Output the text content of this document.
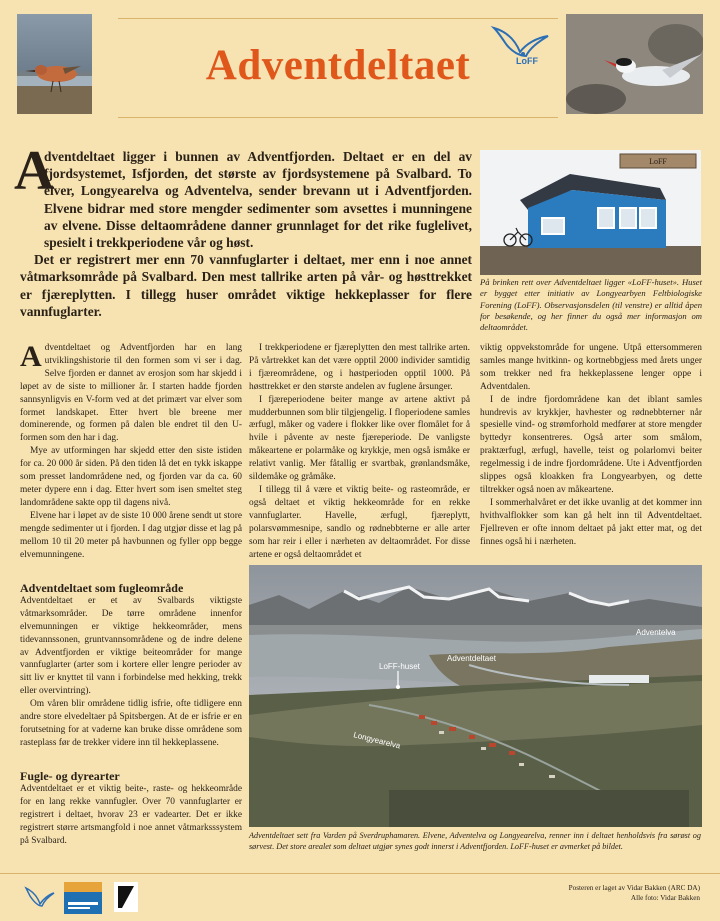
Adventdeltaet	LoFF
A

dventdeltaet ligger i bunnen av Adventfjorden. Deltaet er en del av fjordsystemet, Isfjorden, det største av fjordsystemene på Svalbard. To elver, Longyearelva og Adventelva, sender brevann ut i Adventfjorden. Elvene bidrar med store mengder sedimenter som avsettes i munningene av elvene. Disse deltaområdene danner grunnlaget for det rike fuglelivet, spesielt i trekkperiodene vår og høst.

Det er registrert mer enn 70 vannfuglarter i deltaet, mer enn i noe annet våtmarksområde på Svalbard. Den mest tallrike arten på vår- og høsttrekket er fjæreplytten. I tillegg huser området viktige hekkeplasser for flere vannfuglarter.

LoFF
På brinken rett over Adventdeltaet ligger «LoFF-huset». Huset er bygget etter initiativ av Longyearbyen Feltbiologiske Forening (LoFF). Observasjonsdelen (til venstre) er alltid åpen for besøkende, og her finner du også mer informasjon om deltaområdet.

Adventdeltaet og Adventfjorden har en lang utviklingshistorie til den formen som vi ser i dag. Selve fjorden er dannet av erosjon som har skjedd i løpet av de siste to millioner år. I starten hadde fjorden sannsynligvis en V-form ved at det primært var elver som formet landskapet. Etter hvert ble breene mer dominerende, og formen på dalen ble endret til den U-formen som den har i dag.

Mye av utformingen har skjedd etter den siste istiden for ca. 20 000 år siden. På den tiden lå det en tykk iskappe som presset landområdene ned, og fjorden var da ca. 60 meter dypere enn i dag. Etter hvert som isen smeltet steg landområdene sakte opp til dagens nivå.

Elvene har i løpet av de siste 10 000 årene sendt ut store mengde sedimenter ut i fjorden. I dag utgjør disse et lag på mellom 10 til 20 meter på havbunnen og fyller opp begge elvemunningene.

I trekkperiodene er fjæreplytten den mest tallrike arten. På vårtrekket kan det være opptil 2000 individer samtidig i fjæreområdene, og i høstperioden opptil 1000. På høsttrekket er den største andelen av fuglene årsunger.

I fjæreperiodene beiter mange av artene aktivt på mudderbunnen som blir tilgjengelig. I floperiodene samles ærfugl, måker og vadere i flokker like over flomålet for å hvile i påvente av neste fjæreperiode. De vanligste måkeartene er polarmåke og krykkje, men også ismåke er relativt vanlig. Mer fåtallig er svartbak, grønlandsmåke, sildemåke og gråmåke.

I tillegg til å være et viktig beite- og rasteområde, er også deltaet et viktig hekkeområde for en rekke vannfuglarter. Havelle, ærfugl, fjæreplytt, polarsvømmesnipe, sandlo og rødnebbterne er alle arter som har reir i eller i nærheten av deltaområdet. For disse artene er også deltaområdet et

viktig oppvekstområde for ungene. Utpå ettersommeren samles mange hvitkinn- og kortnebbgjess med årets unger som trekker ned fra hekkeplassene lenger oppe i Adventdalen.

I de indre fjordområdene kan det iblant samles hundrevis av krykkjer, havhester og rødnebbterner når spesielle vind- og strømforhold medfører at store mengder byttedyr konsentreres. Også arter som smålom, praktærfugl, ærfugl, havelle, teist og polarlomvi beiter regelmessig i de indre fjordområdene. Ute i Adventfjorden slippes også kloakken fra Longyearbyen, og dette tiltrekker også noen av måkeartene.

I sommerhalvåret er det ikke uvanlig at det kommer inn hvithvalflokker som kan gå helt inn til Adventdeltaet. Fjellreven er ofte innom deltaet på jakt etter mat, og det finnes også hi i nærheten.

Adventdeltaet som fugleområde

Adventdeltaet er et av Svalbards viktigste våtmarksområder. De tørre områdene innenfor elvemunningen er viktige hekkeområder, mens tidevannssonen, gruntvannsområdene og de indre delene av Adventfjorden er viktige beiteområder for mange vannfuglarter (arter som i kortere eller lengre perioder av sitt liv er knyttet til vann i forbindelse med hekking, trekk eller overvintring).

Om våren blir områdene tidlig isfrie, ofte tidligere enn andre store elvedeltaer på Spitsbergen. At de er isfrie er en forutsetning for at vaderne kan bruke disse områdene som rasteplass før de trekker videre inn til hekkeplassene.

Fugle- og dyrearter

Adventdeltaet er et viktig beite-, raste- og hekkeområde for en lang rekke vannfugler. Over 70 vannfuglarter er registrert i deltaet, hvorav 23 er vadearter. Det er ikke registrert større artsmangfold i noe annet våtmarksssystem på Svalbard.

Adventelva
Adventdeltaet
LoFF-huset
Longyearelva
Adventdeltaet sett fra Varden på Sverdruphamaren. Elvene, Adventelva og Longyearelva, renner inn i deltaet henholdsvis fra sørøst og sørvest. Det store arealet som deltaet utgjør synes godt innerst i Adventfjorden. LoFF-huset er avmerket på bildet.
Posteren er laget av Vidar Bakken (ARC DA)
Alle foto: Vidar Bakken
